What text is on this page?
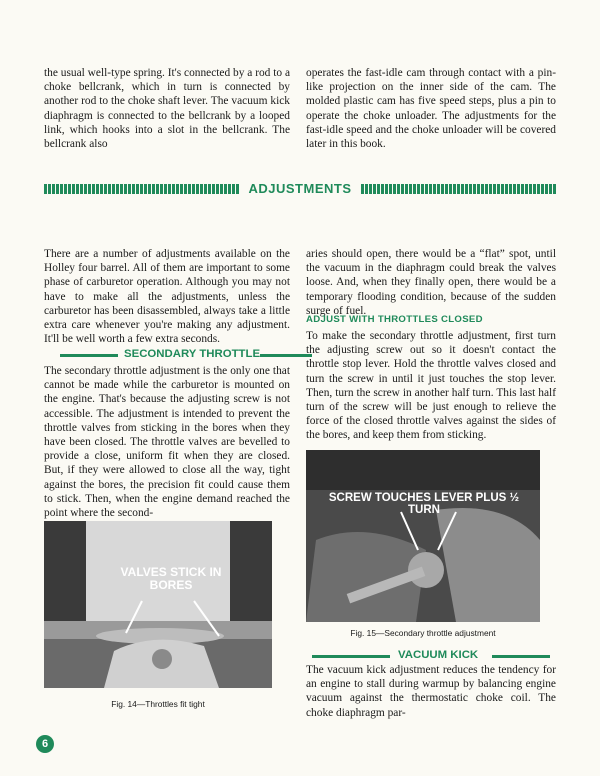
the usual well-type spring. It's connected by a rod to a choke bellcrank, which in turn is connected by another rod to the choke shaft lever. The vacuum kick diaphragm is connected to the bellcrank by a looped link, which hooks into a slot in the bellcrank. The bellcrank also

operates the fast-idle cam through contact with a pin-like projection on the inner side of the cam. The molded plastic cam has five speed steps, plus a pin to operate the choke unloader. The adjustments for the fast-idle speed and the choke unloader will be covered later in this book.

ADJUSTMENTS

There are a number of adjustments available on the Holley four barrel. All of them are important to some phase of carburetor operation. Although you may not have to make all the adjustments, unless the carburetor has been disassembled, always take a little extra care whenever you're making any adjustment. It'll be well worth a few extra seconds.

SECONDARY THROTTLE

The secondary throttle adjustment is the only one that cannot be made while the carburetor is mounted on the engine. That's because the adjusting screw is not accessible. The adjustment is intended to prevent the throttle valves from sticking in the bores when they have been closed. The throttle valves are bevelled to provide a close, uniform fit when they are closed. But, if they were allowed to close all the way, tight against the bores, the precision fit could cause them to stick. Then, when the engine demand reached the point where the second-

VALVES STICK IN BORES
Fig. 14—Throttles fit tight

aries should open, there would be a “flat” spot, until the vacuum in the diaphragm could break the valves loose. And, when they finally open, there would be a temporary flooding condition, because of the sudden surge of fuel.

ADJUST WITH THROTTLES CLOSED

To make the secondary throttle adjustment, first turn the adjusting screw out so it doesn't contact the throttle stop lever. Hold the throttle valves closed and turn the screw in until it just touches the stop lever. Then, turn the screw in another half turn. This last half turn of the screw will be just enough to relieve the force of the closed throttle valves against the sides of the bores, and keep them from sticking.

SCREW TOUCHES LEVER PLUS ½ TURN
Fig. 15—Secondary throttle adjustment
VACUUM KICK

The vacuum kick adjustment reduces the tendency for an engine to stall during warmup by balancing engine vacuum against the thermostatic choke coil. The choke diaphragm par-

6
